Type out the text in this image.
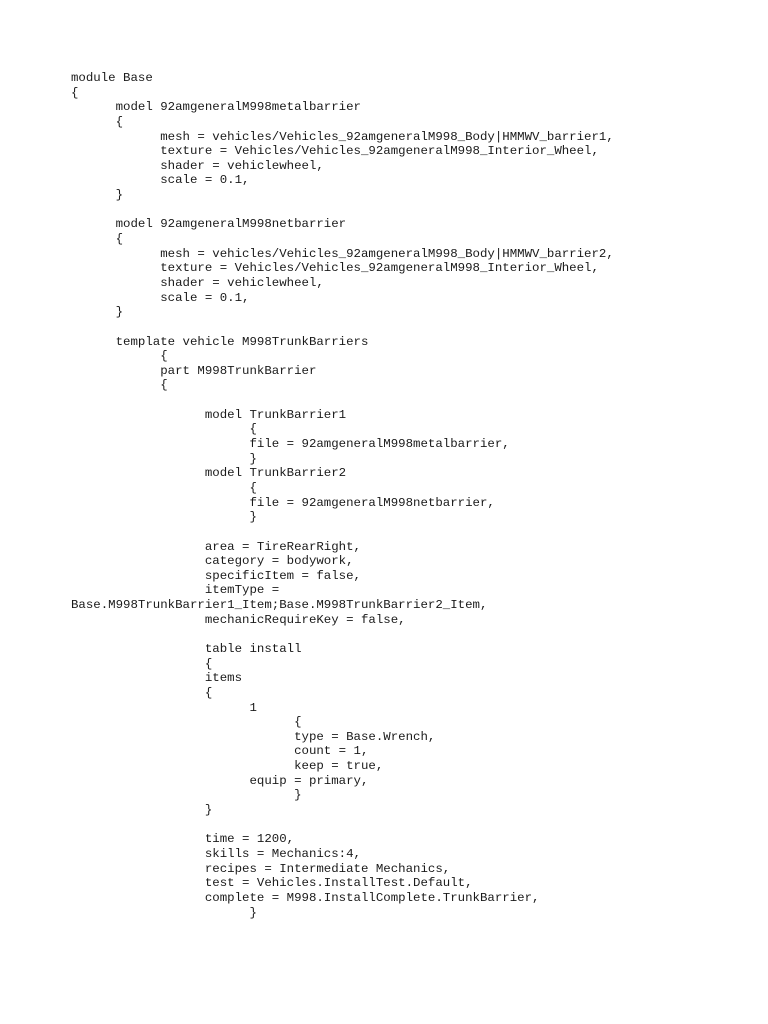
module Base
{
model 92amgeneralM998metalbarrier
{
mesh = vehicles/Vehicles_92amgeneralM998_Body|HMMWV_barrier1,
texture = Vehicles/Vehicles_92amgeneralM998_Interior_Wheel,
shader = vehiclewheel,
scale = 0.1,
}
model 92amgeneralM998netbarrier
{
mesh = vehicles/Vehicles_92amgeneralM998_Body|HMMWV_barrier2,
texture = Vehicles/Vehicles_92amgeneralM998_Interior_Wheel,
shader = vehiclewheel,
scale = 0.1,
}
template vehicle M998TrunkBarriers
{
part M998TrunkBarrier
{
model TrunkBarrier1
{
file = 92amgeneralM998metalbarrier,
}
model TrunkBarrier2
{
file = 92amgeneralM998netbarrier,
}
area = TireRearRight,
category = bodywork,
specificItem = false,
itemType =
Base.M998TrunkBarrier1_Item;Base.M998TrunkBarrier2_Item,
mechanicRequireKey = false,
table install
{
items
{
1
{
type = Base.Wrench,
count = 1,
keep = true,
equip = primary,
}
}
time = 1200,
skills = Mechanics:4,
recipes = Intermediate Mechanics,
test = Vehicles.InstallTest.Default,
complete = M998.InstallComplete.TrunkBarrier,
}
